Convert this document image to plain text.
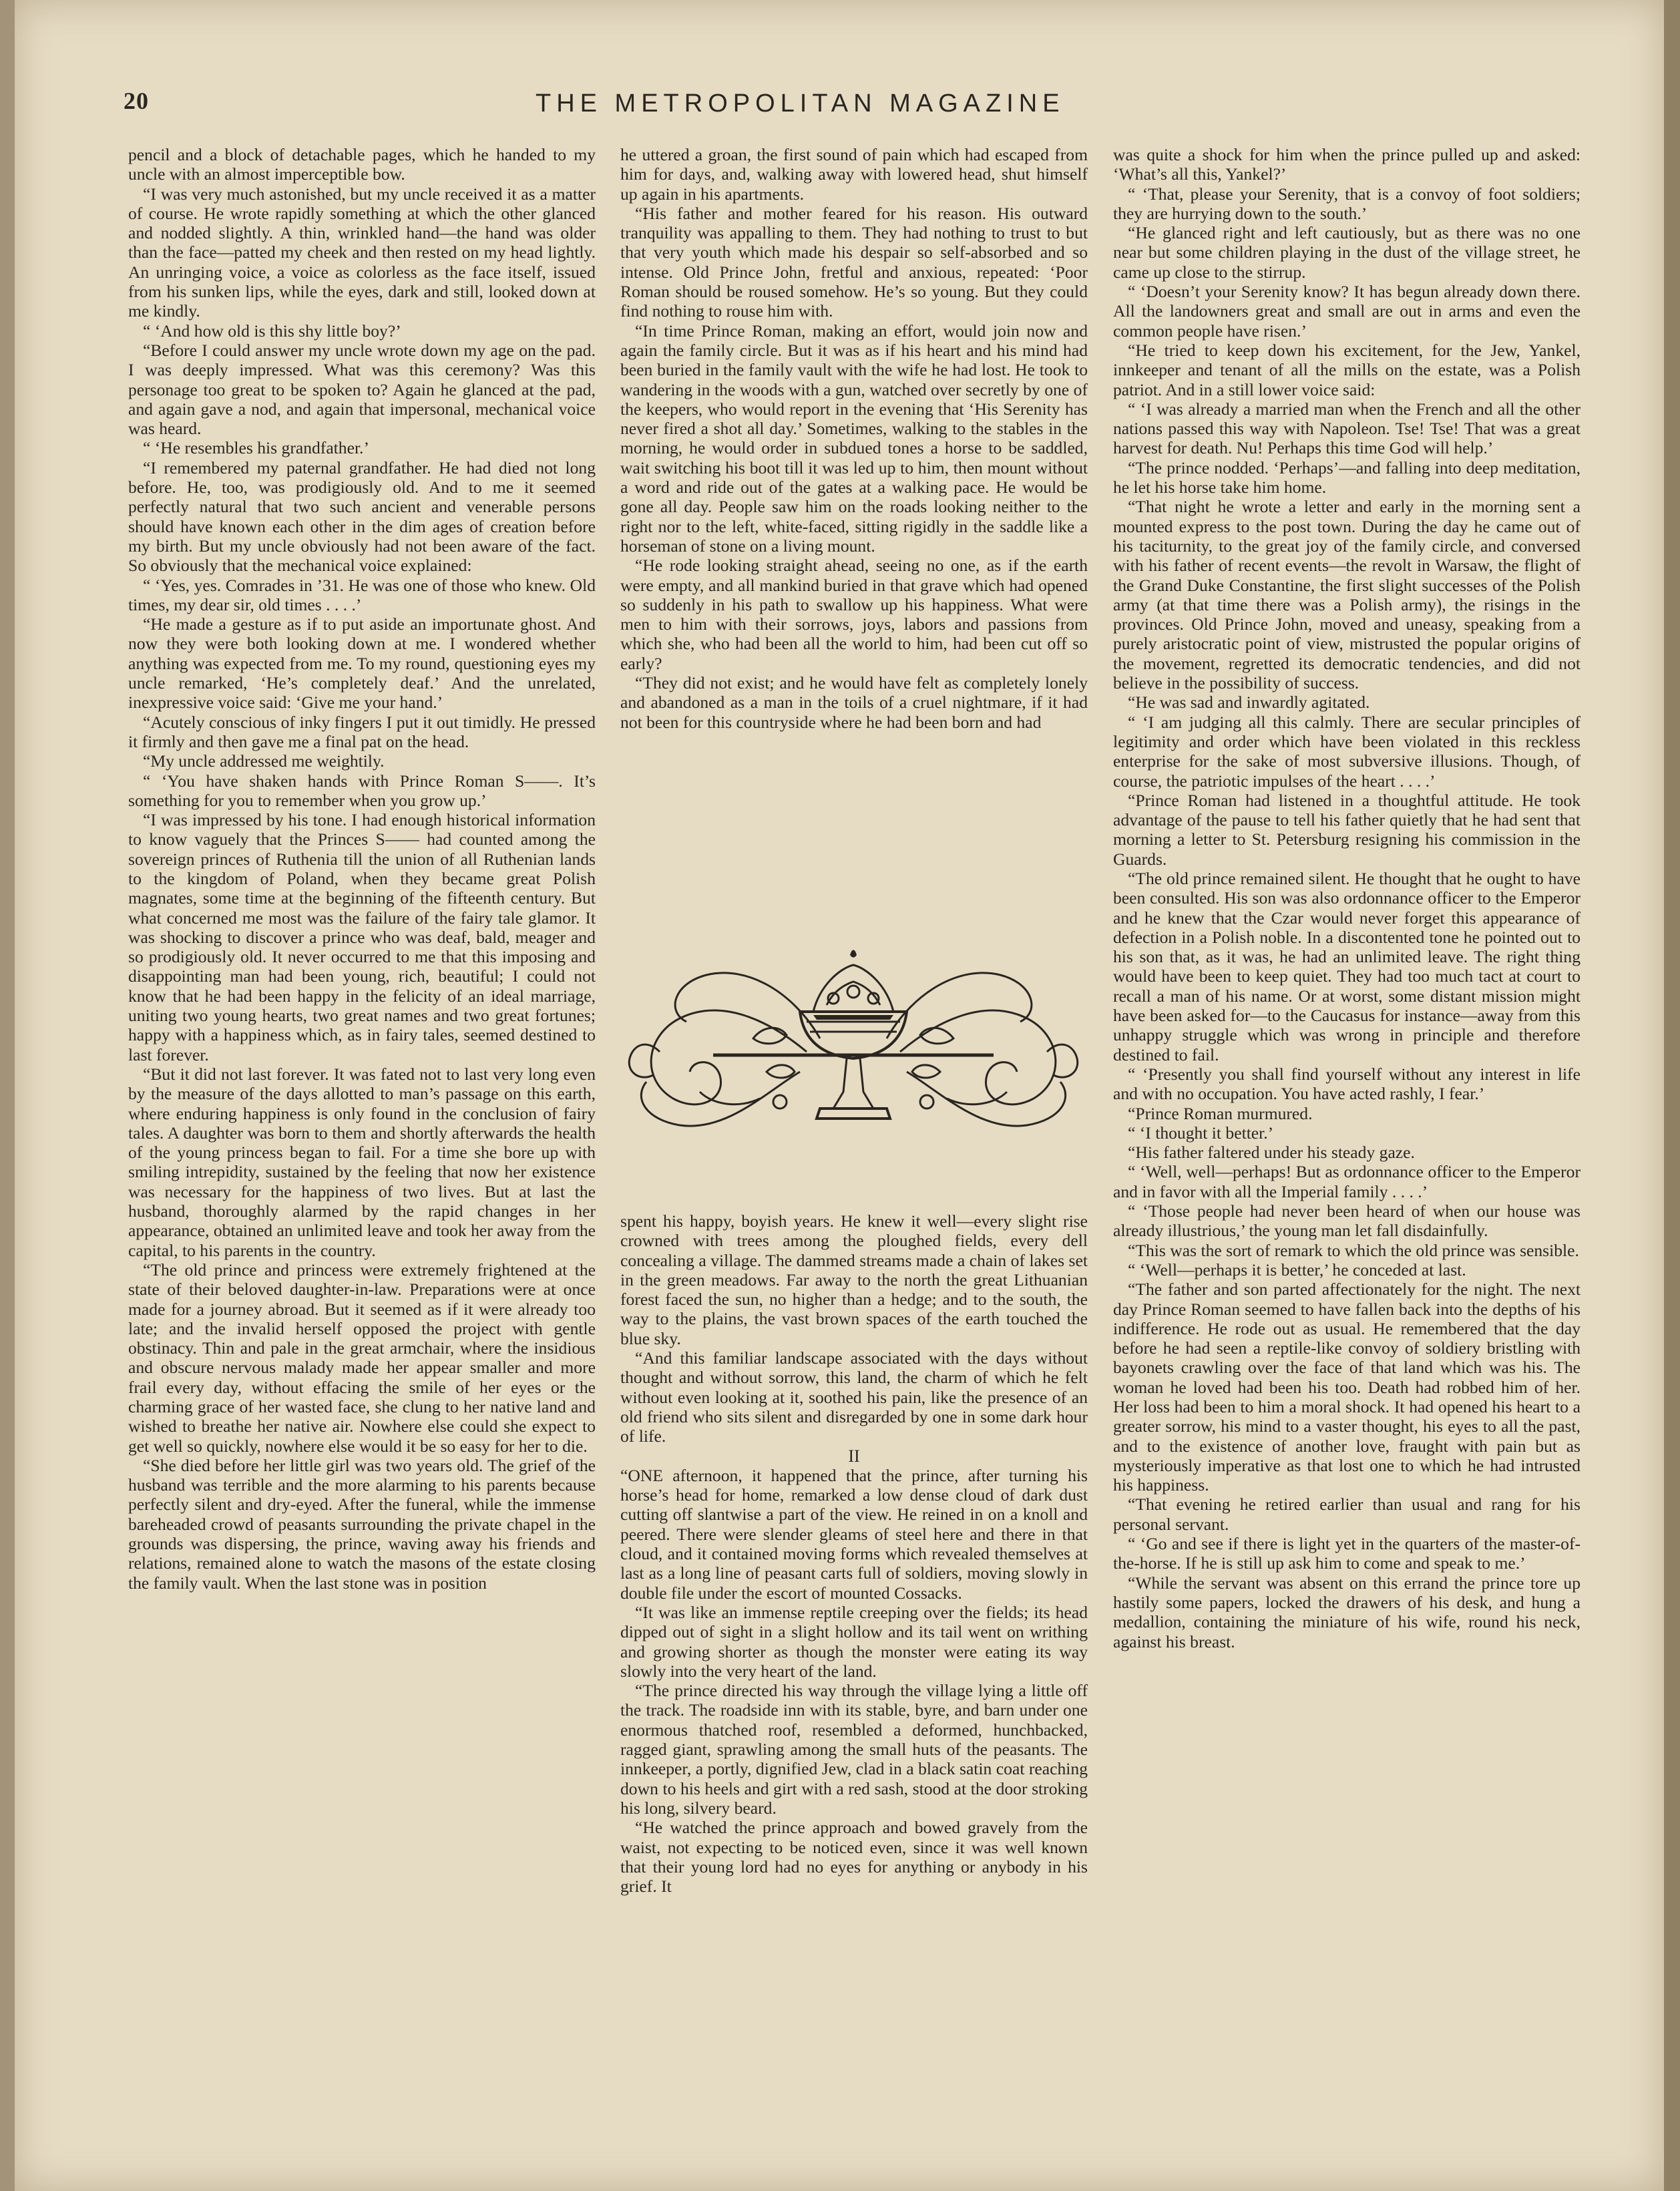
20	THE METROPOLITAN MAGAZINE

pencil and a block of detachable pages, which he handed to my uncle with an almost imperceptible bow.

“I was very much astonished, but my uncle received it as a matter of course. He wrote rapidly something at which the other glanced and nodded slightly. A thin, wrinkled hand—the hand was older than the face—patted my cheek and then rested on my head lightly. An unringing voice, a voice as colorless as the face itself, issued from his sunken lips, while the eyes, dark and still, looked down at me kindly.

“ ‘And how old is this shy little boy?’

“Before I could answer my uncle wrote down my age on the pad. I was deeply impressed. What was this ceremony? Was this personage too great to be spoken to? Again he glanced at the pad, and again gave a nod, and again that impersonal, mechanical voice was heard.

“ ‘He resembles his grandfather.’

“I remembered my paternal grandfather. He had died not long before. He, too, was prodigiously old. And to me it seemed perfectly natural that two such ancient and venerable persons should have known each other in the dim ages of creation before my birth. But my uncle obviously had not been aware of the fact. So obviously that the mechanical voice explained:

“ ‘Yes, yes. Comrades in ’31. He was one of those who knew. Old times, my dear sir, old times . . . .’

“He made a gesture as if to put aside an importunate ghost. And now they were both looking down at me. I wondered whether anything was expected from me. To my round, questioning eyes my uncle remarked, ‘He’s completely deaf.’ And the unrelated, inexpressive voice said: ‘Give me your hand.’

“Acutely conscious of inky fingers I put it out timidly. He pressed it firmly and then gave me a final pat on the head.

“My uncle addressed me weightily.

“ ‘You have shaken hands with Prince Roman S——. It’s something for you to remember when you grow up.’

“I was impressed by his tone. I had enough historical information to know vaguely that the Princes S—— had counted among the sovereign princes of Ruthenia till the union of all Ruthenian lands to the kingdom of Poland, when they became great Polish magnates, some time at the beginning of the fifteenth century. But what concerned me most was the failure of the fairy tale glamor. It was shocking to discover a prince who was deaf, bald, meager and so prodigiously old. It never occurred to me that this imposing and disappointing man had been young, rich, beautiful; I could not know that he had been happy in the felicity of an ideal marriage, uniting two young hearts, two great names and two great fortunes; happy with a happiness which, as in fairy tales, seemed destined to last forever.

“But it did not last forever. It was fated not to last very long even by the measure of the days allotted to man’s passage on this earth, where enduring happiness is only found in the conclusion of fairy tales. A daughter was born to them and shortly afterwards the health of the young princess began to fail. For a time she bore up with smiling intrepidity, sustained by the feeling that now her existence was necessary for the happiness of two lives. But at last the husband, thoroughly alarmed by the rapid changes in her appearance, obtained an unlimited leave and took her away from the capital, to his parents in the country.

“The old prince and princess were extremely frightened at the state of their beloved daughter-in-law. Preparations were at once made for a journey abroad. But it seemed as if it were already too late; and the invalid herself opposed the project with gentle obstinacy. Thin and pale in the great armchair, where the insidious and obscure nervous malady made her appear smaller and more frail every day, without effacing the smile of her eyes or the charming grace of her wasted face, she clung to her native land and wished to breathe her native air. Nowhere else could she expect to get well so quickly, nowhere else would it be so easy for her to die.

“She died before her little girl was two years old. The grief of the husband was terrible and the more alarming to his parents because perfectly silent and dry-eyed. After the funeral, while the immense bareheaded crowd of peasants surrounding the private chapel in the grounds was dispersing, the prince, waving away his friends and relations, remained alone to watch the masons of the estate closing the family vault. When the last stone was in position

he uttered a groan, the first sound of pain which had escaped from him for days, and, walking away with lowered head, shut himself up again in his apartments.

“His father and mother feared for his reason. His outward tranquility was appalling to them. They had nothing to trust to but that very youth which made his despair so self-absorbed and so intense. Old Prince John, fretful and anxious, repeated: ‘Poor Roman should be roused somehow. He’s so young. But they could find nothing to rouse him with.

“In time Prince Roman, making an effort, would join now and again the family circle. But it was as if his heart and his mind had been buried in the family vault with the wife he had lost. He took to wandering in the woods with a gun, watched over secretly by one of the keepers, who would report in the evening that ‘His Serenity has never fired a shot all day.’ Sometimes, walking to the stables in the morning, he would order in subdued tones a horse to be saddled, wait switching his boot till it was led up to him, then mount without a word and ride out of the gates at a walking pace. He would be gone all day. People saw him on the roads looking neither to the right nor to the left, white-faced, sitting rigidly in the saddle like a horseman of stone on a living mount.

“He rode looking straight ahead, seeing no one, as if the earth were empty, and all mankind buried in that grave which had opened so suddenly in his path to swallow up his happiness. What were men to him with their sorrows, joys, labors and passions from which she, who had been all the world to him, had been cut off so early?

“They did not exist; and he would have felt as completely lonely and abandoned as a man in the toils of a cruel nightmare, if it had not been for this countryside where he had been born and had

spent his happy, boyish years. He knew it well—every slight rise crowned with trees among the ploughed fields, every dell concealing a village. The dammed streams made a chain of lakes set in the green meadows. Far away to the north the great Lithuanian forest faced the sun, no higher than a hedge; and to the south, the way to the plains, the vast brown spaces of the earth touched the blue sky.

“And this familiar landscape associated with the days without thought and without sorrow, this land, the charm of which he felt without even looking at it, soothed his pain, like the presence of an old friend who sits silent and disregarded by one in some dark hour of life.

II

“ONE afternoon, it happened that the prince, after turning his horse’s head for home, remarked a low dense cloud of dark dust cutting off slantwise a part of the view. He reined in on a knoll and peered. There were slender gleams of steel here and there in that cloud, and it contained moving forms which revealed themselves at last as a long line of peasant carts full of soldiers, moving slowly in double file under the escort of mounted Cossacks.

“It was like an immense reptile creeping over the fields; its head dipped out of sight in a slight hollow and its tail went on writhing and growing shorter as though the monster were eating its way slowly into the very heart of the land.

“The prince directed his way through the village lying a little off the track. The roadside inn with its stable, byre, and barn under one enormous thatched roof, resembled a deformed, hunchbacked, ragged giant, sprawling among the small huts of the peasants. The innkeeper, a portly, dignified Jew, clad in a black satin coat reaching down to his heels and girt with a red sash, stood at the door stroking his long, silvery beard.

“He watched the prince approach and bowed gravely from the waist, not expecting to be noticed even, since it was well known that their young lord had no eyes for anything or anybody in his grief. It

was quite a shock for him when the prince pulled up and asked: ‘What’s all this, Yankel?’

“ ‘That, please your Serenity, that is a convoy of foot soldiers; they are hurrying down to the south.’

“He glanced right and left cautiously, but as there was no one near but some children playing in the dust of the village street, he came up close to the stirrup.

“ ‘Doesn’t your Serenity know? It has begun already down there. All the landowners great and small are out in arms and even the common people have risen.’

“He tried to keep down his excitement, for the Jew, Yankel, innkeeper and tenant of all the mills on the estate, was a Polish patriot. And in a still lower voice said:

“ ‘I was already a married man when the French and all the other nations passed this way with Napoleon. Tse! Tse! That was a great harvest for death. Nu! Perhaps this time God will help.’

“The prince nodded. ‘Perhaps’—and falling into deep meditation, he let his horse take him home.

“That night he wrote a letter and early in the morning sent a mounted express to the post town. During the day he came out of his taciturnity, to the great joy of the family circle, and conversed with his father of recent events—the revolt in Warsaw, the flight of the Grand Duke Constantine, the first slight successes of the Polish army (at that time there was a Polish army), the risings in the provinces. Old Prince John, moved and uneasy, speaking from a purely aristocratic point of view, mistrusted the popular origins of the movement, regretted its democratic tendencies, and did not believe in the possibility of success.

“He was sad and inwardly agitated.

“ ‘I am judging all this calmly. There are secular principles of legitimity and order which have been violated in this reckless enterprise for the sake of most subversive illusions. Though, of course, the patriotic impulses of the heart . . . .’

“Prince Roman had listened in a thoughtful attitude. He took advantage of the pause to tell his father quietly that he had sent that morning a letter to St. Petersburg resigning his commission in the Guards.

“The old prince remained silent. He thought that he ought to have been consulted. His son was also ordonnance officer to the Emperor and he knew that the Czar would never forget this appearance of defection in a Polish noble. In a discontented tone he pointed out to his son that, as it was, he had an unlimited leave. The right thing would have been to keep quiet. They had too much tact at court to recall a man of his name. Or at worst, some distant mission might have been asked for—to the Caucasus for instance—away from this unhappy struggle which was wrong in principle and therefore destined to fail.

“ ‘Presently you shall find yourself without any interest in life and with no occupation. You have acted rashly, I fear.’

“Prince Roman murmured.

“ ‘I thought it better.’

“His father faltered under his steady gaze.

“ ‘Well, well—perhaps! But as ordonnance officer to the Emperor and in favor with all the Imperial family . . . .’

“ ‘Those people had never been heard of when our house was already illustrious,’ the young man let fall disdainfully.

“This was the sort of remark to which the old prince was sensible.

“ ‘Well—perhaps it is better,’ he conceded at last.

“The father and son parted affectionately for the night. The next day Prince Roman seemed to have fallen back into the depths of his indifference. He rode out as usual. He remembered that the day before he had seen a reptile-like convoy of soldiery bristling with bayonets crawling over the face of that land which was his. The woman he loved had been his too. Death had robbed him of her. Her loss had been to him a moral shock. It had opened his heart to a greater sorrow, his mind to a vaster thought, his eyes to all the past, and to the existence of another love, fraught with pain but as mysteriously imperative as that lost one to which he had intrusted his happiness.

“That evening he retired earlier than usual and rang for his personal servant.

“ ‘Go and see if there is light yet in the quarters of the master-of-the-horse. If he is still up ask him to come and speak to me.’

“While the servant was absent on this errand the prince tore up hastily some papers, locked the drawers of his desk, and hung a medallion, containing the miniature of his wife, round his neck, against his breast.
